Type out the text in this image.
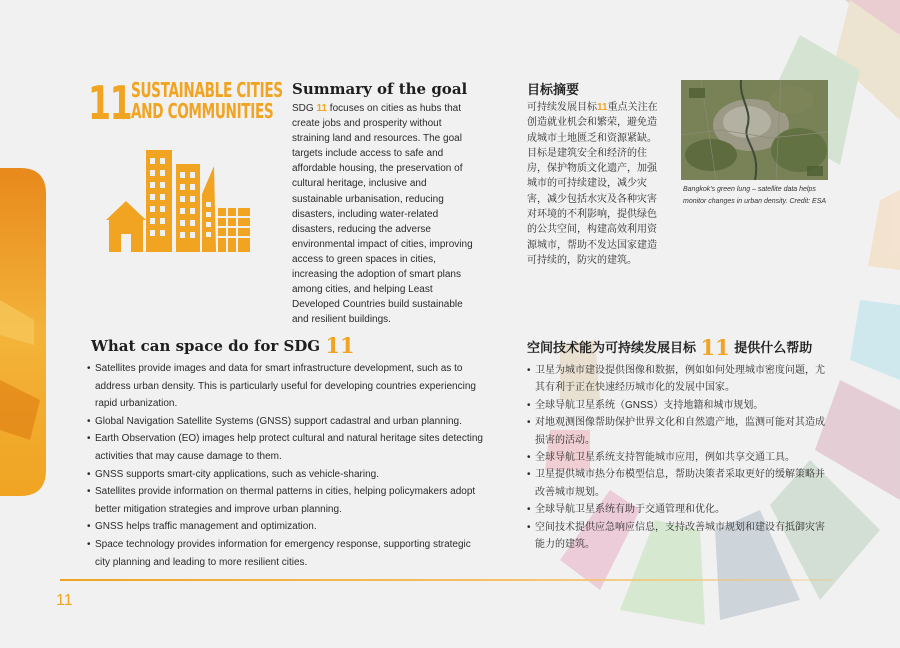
11 SUSTAINABLE CITIES
AND COMMUNITIES
Summary of the goal

SDG 11 focuses on cities as hubs that create jobs and prosperity without straining land and resources. The goal targets include access to safe and affordable housing, the preservation of cultural heritage, inclusive and sustainable urbanisation, reducing disasters, including water-related disasters, reducing the adverse environmental impact of cities, improving access to green spaces in cities, increasing the adoption of smart plans among cities, and helping Least Developed Countries build sustainable and resilient buildings.

目标摘要

可持续发展目标11重点关注在创造就业机会和繁荣，避免造成城市土地匮乏和资源紧缺。目标是建筑安全和经济的住房，保护物质文化遗产，加强城市的可持续建设，减少灾害，减少包括水灾及各种灾害对环境的不利影响，提供绿色的公共空间，构建高效利用资源城市，帮助不发达国家建造可持续的，防灾的建筑。

Bangkok's green lung – satellite data helps monitor changes in urban density. Credit: ESA
What can space do for SDG 11
• Satellites provide images and data for smart infrastructure development, such as to address urban density. This is particularly useful for developing countries experiencing rapid urbanization.
• Global Navigation Satellite Systems (GNSS) support cadastral and urban planning.
• Earth Observation (EO) images help protect cultural and natural heritage sites detecting activities that may cause damage to them.
• GNSS supports smart-city applications, such as vehicle-sharing.
• Satellites provide information on thermal patterns in cities, helping policymakers adopt better mitigation strategies and improve urban planning.
• GNSS helps traffic management and optimization.
• Space technology provides information for emergency response, supporting strategic city planning and leading to more resilient cities.
空间技术能为可持续发展目标 11 提供什么帮助
• 卫星为城市建设提供图像和数据，例如如何处理城市密度问题，尤其有利于正在快速经历城市化的发展中国家。
• 全球导航卫星系统（GNSS）支持地籍和城市规划。
• 对地观测图像帮助保护世界文化和自然遗产地，监测可能对其造成损害的活动。
• 全球导航卫星系统支持智能城市应用，例如共享交通工具。
• 卫星提供城市热分布模型信息，帮助决策者采取更好的缓解策略并改善城市规划。
• 全球导航卫星系统有助于交通管理和优化。
• 空间技术提供应急响应信息，支持改善城市规划和建设有抵御灾害能力的建筑。
11
